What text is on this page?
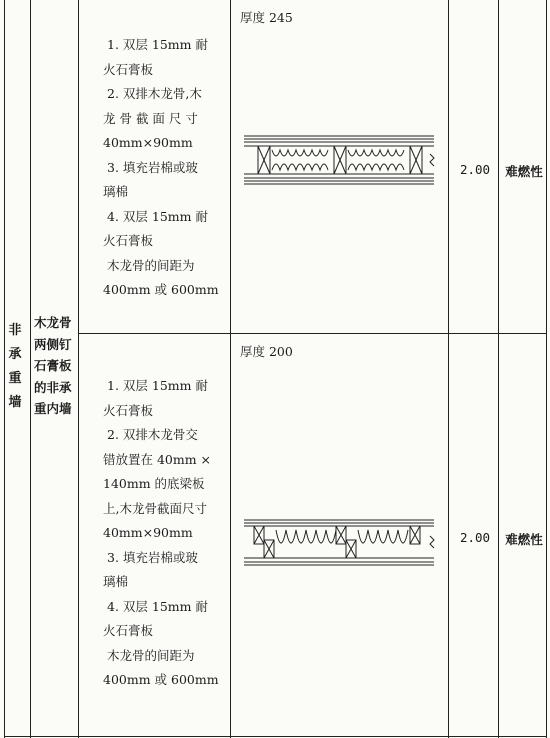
非
承
重
墙
木龙骨
两侧钉
石膏板
的非承
重内墙

1. 双层 15mm 耐

火石膏板

2. 双排木龙骨,木

龙 骨 截 面 尺 寸

40mm×90mm

3. 填充岩棉或玻

璃棉

4. 双层 15mm 耐

火石膏板

木龙骨的间距为

400mm 或 600mm

厚度 245
2.00	难燃性
厚度 200

1. 双层 15mm 耐

火石膏板

2. 双排木龙骨交

错放置在 40mm ×

140mm 的底梁板

上,木龙骨截面尺寸

40mm×90mm

3. 填充岩棉或玻

璃棉

4. 双层 15mm 耐

火石膏板

木龙骨的间距为

400mm 或 600mm

2.00	难燃性
